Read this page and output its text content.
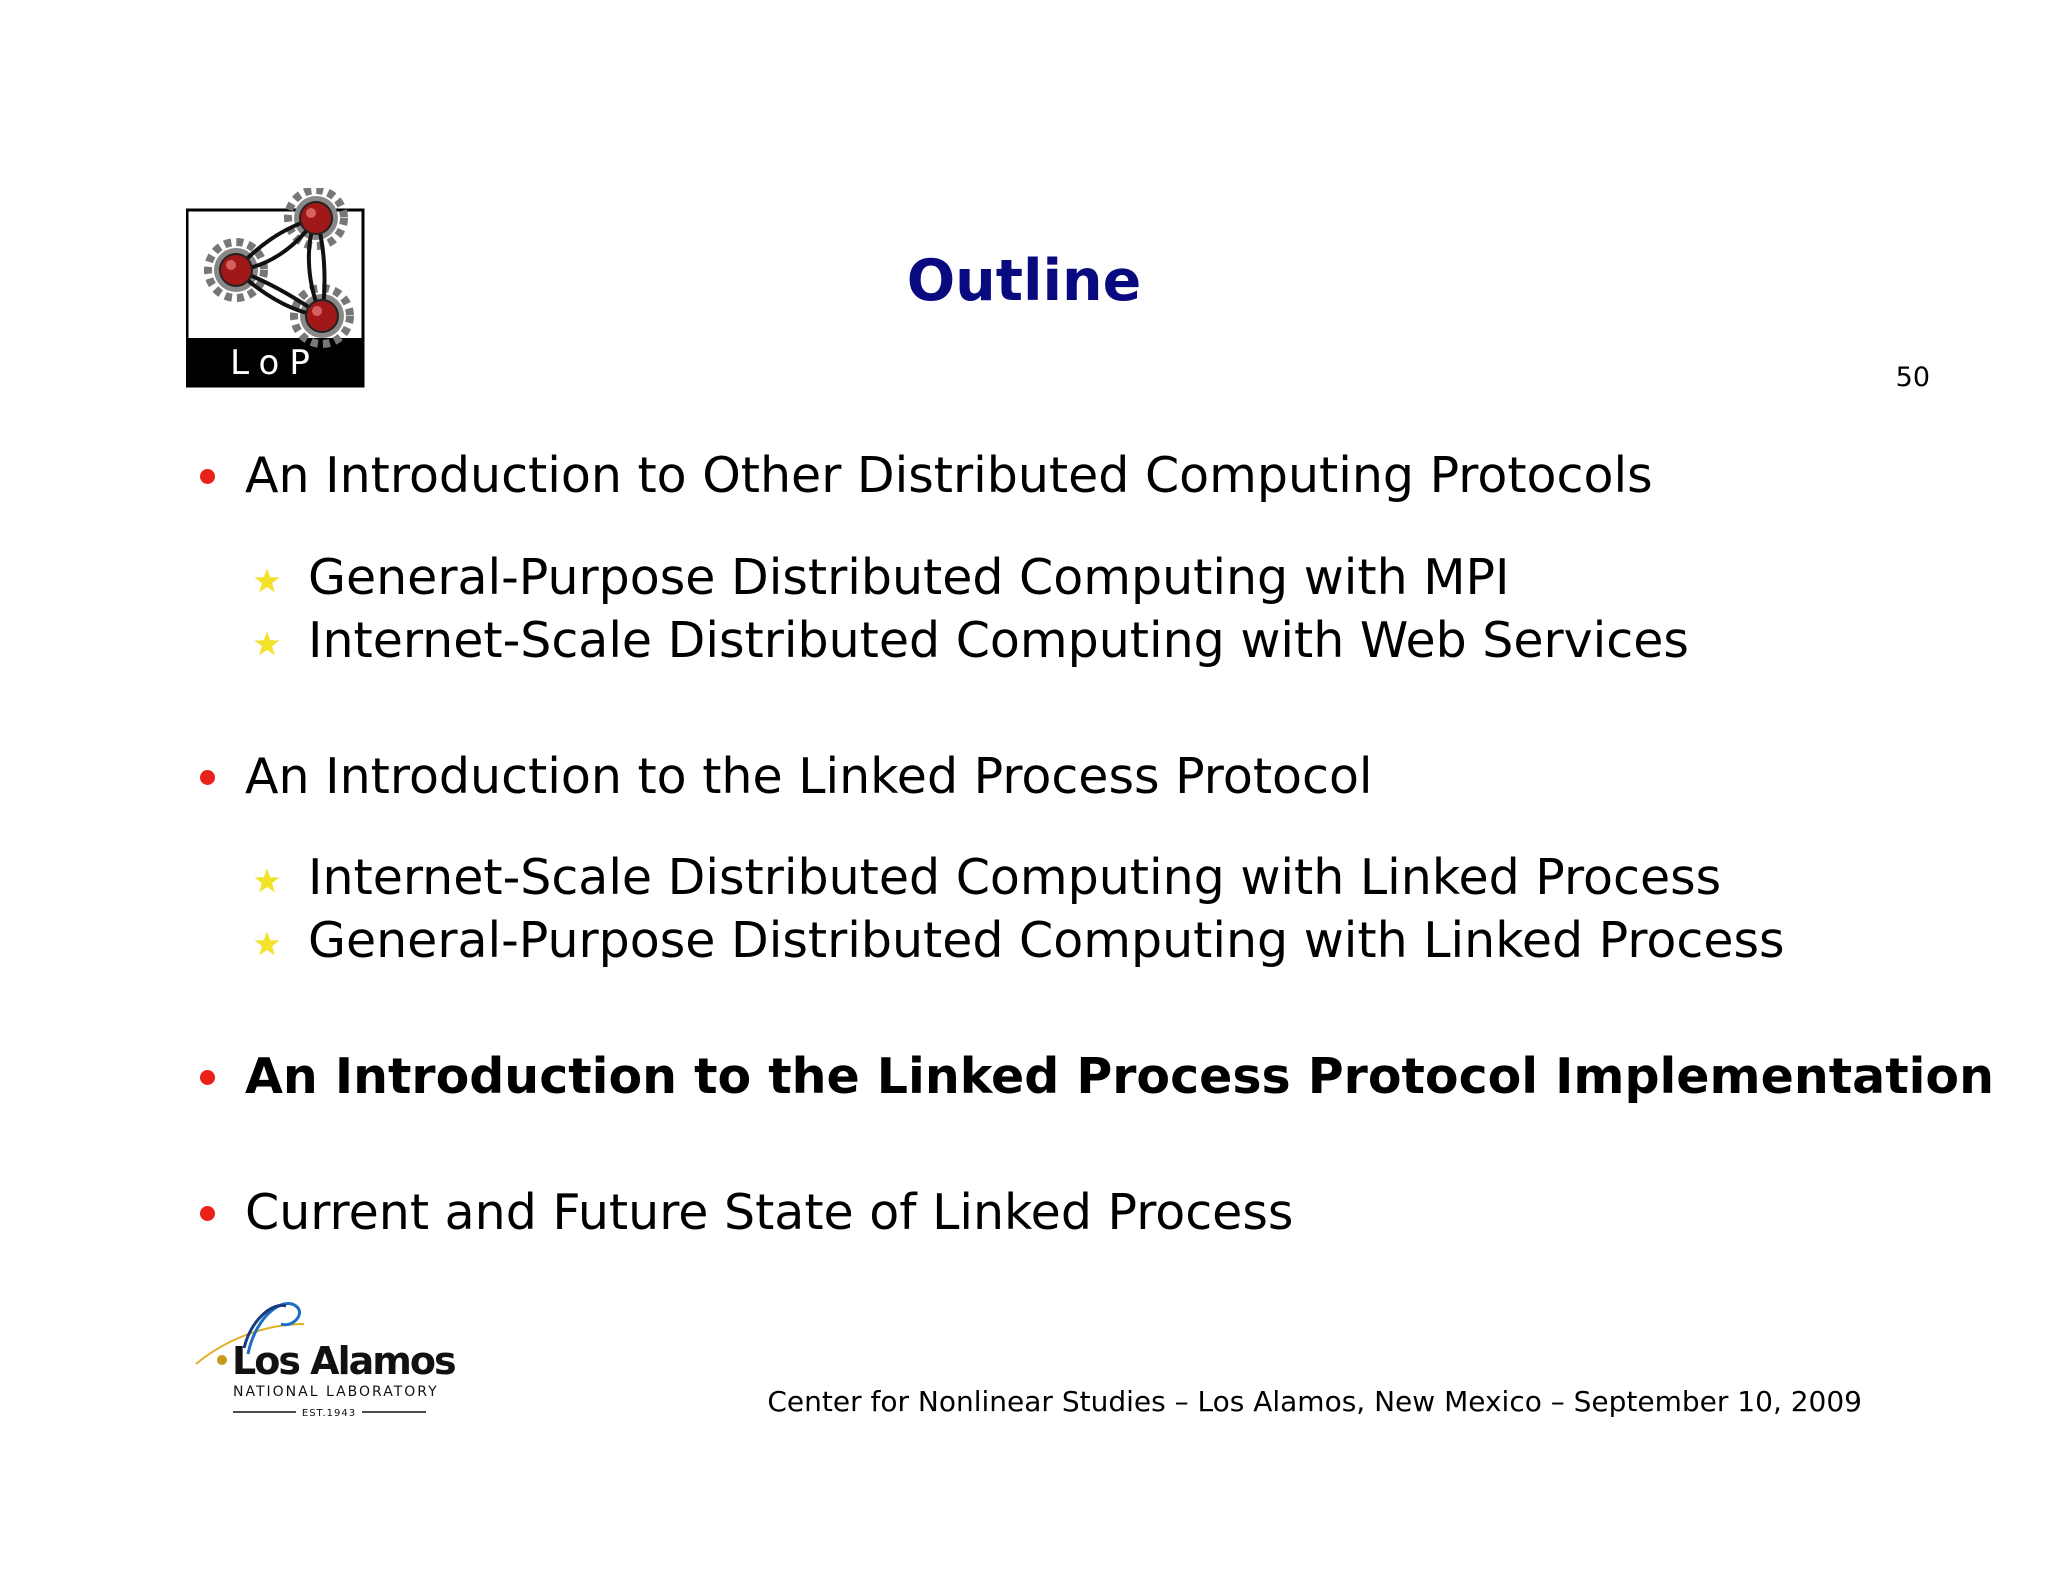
LoP
Outline
50
An Introduction to Other Distributed Computing Protocols
General-Purpose Distributed Computing with MPI
Internet-Scale Distributed Computing with Web Services
An Introduction to the Linked Process Protocol
Internet-Scale Distributed Computing with Linked Process
General-Purpose Distributed Computing with Linked Process
An Introduction to the Linked Process Protocol Implementation
Current and Future State of Linked Process
Los Alamos
NATIONAL LABORATORY
EST.1943	Center for Nonlinear Studies – Los Alamos, New Mexico – September 10, 2009
